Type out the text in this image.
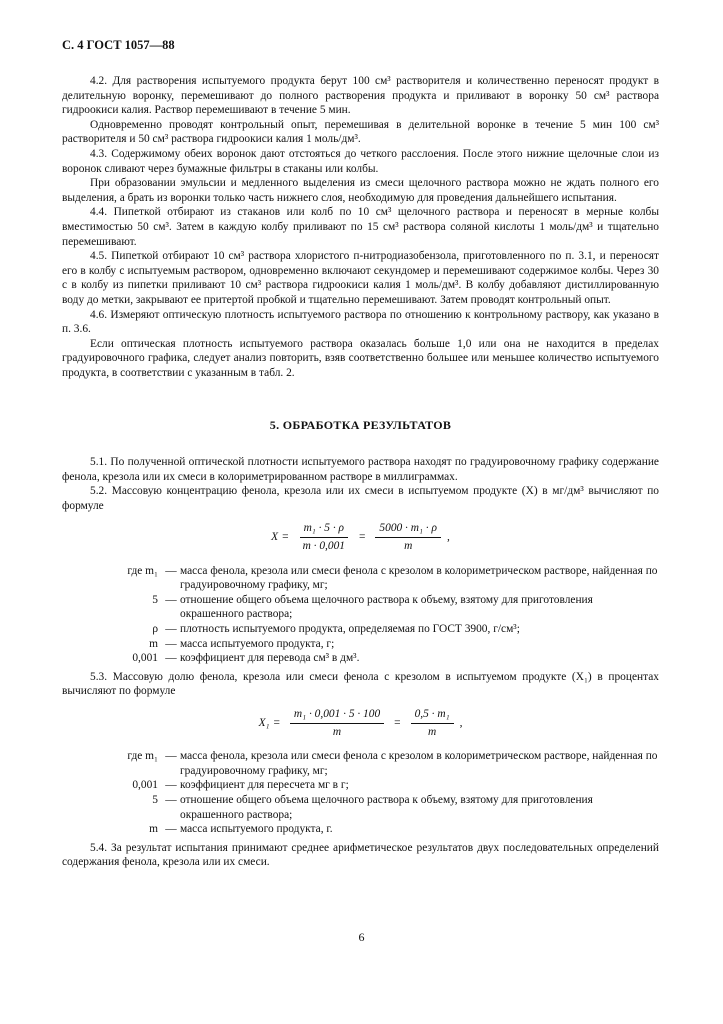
С. 4 ГОСТ 1057—88

4.2. Для растворения испытуемого продукта берут 100 см³ растворителя и количественно переносят продукт в делительную воронку, перемешивают до полного растворения продукта и приливают в воронку 50 см³ раствора гидроокиси калия. Раствор перемешивают в течение 5 мин.

Одновременно проводят контрольный опыт, перемешивая в делительной воронке в течение 5 мин 100 см³ растворителя и 50 см³ раствора гидроокиси калия 1 моль/дм³.

4.3. Содержимому обеих воронок дают отстояться до четкого расслоения. После этого нижние щелочные слои из воронок сливают через бумажные фильтры в стаканы или колбы.

При образовании эмульсии и медленного выделения из смеси щелочного раствора можно не ждать полного его выделения, а брать из воронки только часть нижнего слоя, необходимую для проведения дальнейшего испытания.

4.4. Пипеткой отбирают из стаканов или колб по 10 см³ щелочного раствора и переносят в мерные колбы вместимостью 50 см³. Затем в каждую колбу приливают по 15 см³ раствора соляной кислоты 1 моль/дм³ и тщательно перемешивают.

4.5. Пипеткой отбирают 10 см³ раствора хлористого п-нитродиазобензола, приготовленного по п. 3.1, и переносят его в колбу с испытуемым раствором, одновременно включают секундомер и перемешивают содержимое колбы. Через 30 с в колбу из пипетки приливают 10 см³ раствора гидроокиси калия 1 моль/дм³. В колбу добавляют дистиллированную воду до метки, закрывают ее притертой пробкой и тщательно перемешивают. Затем проводят контрольный опыт.

4.6. Измеряют оптическую плотность испытуемого раствора по отношению к контрольному раствору, как указано в п. 3.6.

Если оптическая плотность испытуемого раствора оказалась больше 1,0 или она не находится в пределах градуировочного графика, следует анализ повторить, взяв соответственно большее или меньшее количество испытуемого продукта, в соответствии с указанным в табл. 2.

5. ОБРАБОТКА РЕЗУЛЬТАТОВ

5.1. По полученной оптической плотности испытуемого раствора находят по градуировочному графику содержание фенола, крезола или их смеси в колориметрированном растворе в миллиграммах.

5.2. Массовую концентрацию фенола, крезола или их смеси в испытуемом продукте (X) в мг/дм³ вычисляют по формуле

$X = \frac{\text{m₁ · 5 · ρ}}{m \cdot 0,001} = \frac{\text{5000 · m₁ · ρ}}{m}$ ,
где m₁ — масса фенола, крезола или смеси фенола с крезолом в колориметрическом растворе, найденная по градуировочному графику, мг;
5 — отношение общего объема щелочного раствора к объему, взятому для приготовления окрашенного раствора;
ρ — плотность испытуемого продукта, определяемая по ГОСТ 3900, г/см³;
m — масса испытуемого продукта, г;
0,001 — коэффициент для перевода см³ в дм³.

5.3. Массовую долю фенола, крезола или смеси фенола с крезолом в испытуемом продукте (X₁) в процентах вычисляют по формуле

$X_1 = \frac{\text{m₁ · 0,001 · 5 · 100}}{m} = \frac{\text{0,5 · m₁}}{m}$ ,
где m₁ — масса фенола, крезола или смеси фенола с крезолом в колориметрическом растворе, найденная по градуировочному графику, мг;
0,001 — коэффициент для пересчета мг в г;
5 — отношение общего объема щелочного раствора к объему, взятому для приготовления окрашенного раствора;
m — масса испытуемого продукта, г.

5.4. За результат испытания принимают среднее арифметическое результатов двух последовательных определений содержания фенола, крезола или их смеси.

6
